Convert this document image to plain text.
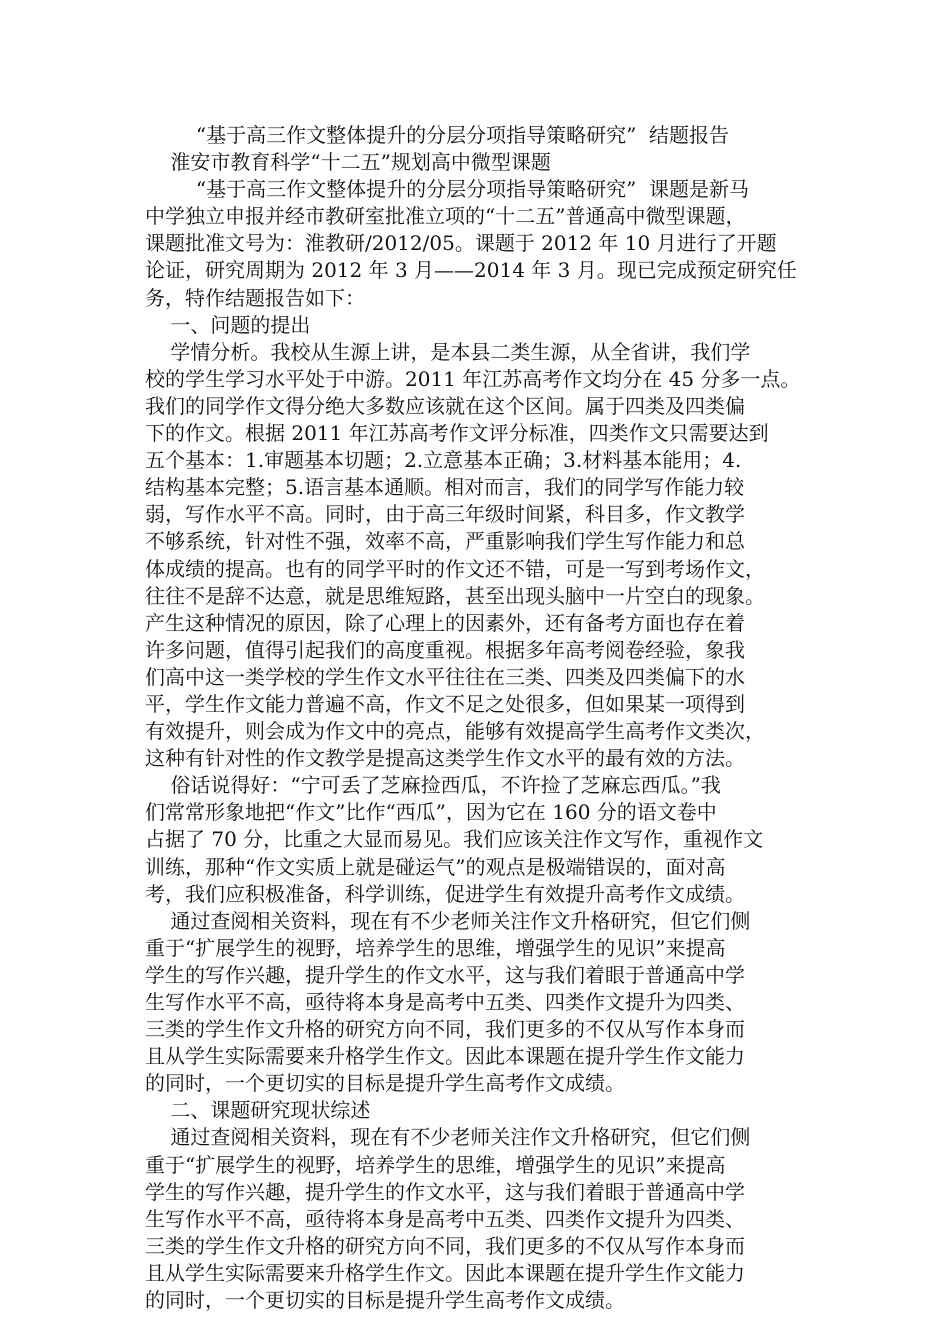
“基于高三作文整体提升的分层分项指导策略研究”  结题报告
淮安市教育科学“十二五”规划高中微型课题
“基于高三作文整体提升的分层分项指导策略研究”  课题是新马
中学独立申报并经市教研室批准立项的“十二五”普通高中微型课题，
课题批准文号为：淮教研/2012/05。课题于 2012 年 10 月进行了开题
论证，研究周期为 2012 年 3 月——2014 年 3 月。现已完成预定研究任
务，特作结题报告如下：
一、问题的提出
学情分析。我校从生源上讲，是本县二类生源，从全省讲，我们学
校的学生学习水平处于中游。2011 年江苏高考作文均分在 45 分多一点。
我们的同学作文得分绝大多数应该就在这个区间。属于四类及四类偏
下的作文。根据 2011 年江苏高考作文评分标准，四类作文只需要达到
五个基本：1.审题基本切题；2.立意基本正确；3.材料基本能用；4.
结构基本完整；5.语言基本通顺。相对而言，我们的同学写作能力较
弱，写作水平不高。同时，由于高三年级时间紧，科目多，作文教学
不够系统，针对性不强，效率不高，严重影响我们学生写作能力和总
体成绩的提高。也有的同学平时的作文还不错，可是一写到考场作文，
往往不是辞不达意，就是思维短路，甚至出现头脑中一片空白的现象。
产生这种情况的原因，除了心理上的因素外，还有备考方面也存在着
许多问题，值得引起我们的高度重视。根据多年高考阅卷经验，象我
们高中这一类学校的学生作文水平往往在三类、四类及四类偏下的水
平，学生作文能力普遍不高，作文不足之处很多，但如果某一项得到
有效提升，则会成为作文中的亮点，能够有效提高学生高考作文类次，
这种有针对性的作文教学是提高这类学生作文水平的最有效的方法。
俗话说得好：“宁可丢了芝麻捡西瓜，不许捡了芝麻忘西瓜。”我
们常常形象地把“作文”比作“西瓜”，因为它在 160 分的语文卷中
占据了 70 分，比重之大显而易见。我们应该关注作文写作，重视作文
训练，那种“作文实质上就是碰运气”的观点是极端错误的，面对高
考，我们应积极准备，科学训练，促进学生有效提升高考作文成绩。
通过查阅相关资料，现在有不少老师关注作文升格研究，但它们侧
重于“扩展学生的视野，培养学生的思维，增强学生的见识”来提高
学生的写作兴趣，提升学生的作文水平，这与我们着眼于普通高中学
生写作水平不高，亟待将本身是高考中五类、四类作文提升为四类、
三类的学生作文升格的研究方向不同，我们更多的不仅从写作本身而
且从学生实际需要来升格学生作文。因此本课题在提升学生作文能力
的同时，一个更切实的目标是提升学生高考作文成绩。
二、课题研究现状综述
通过查阅相关资料，现在有不少老师关注作文升格研究，但它们侧
重于“扩展学生的视野，培养学生的思维，增强学生的见识”来提高
学生的写作兴趣，提升学生的作文水平，这与我们着眼于普通高中学
生写作水平不高，亟待将本身是高考中五类、四类作文提升为四类、
三类的学生作文升格的研究方向不同，我们更多的不仅从写作本身而
且从学生实际需要来升格学生作文。因此本课题在提升学生作文能力
的同时，一个更切实的目标是提升学生高考作文成绩。
